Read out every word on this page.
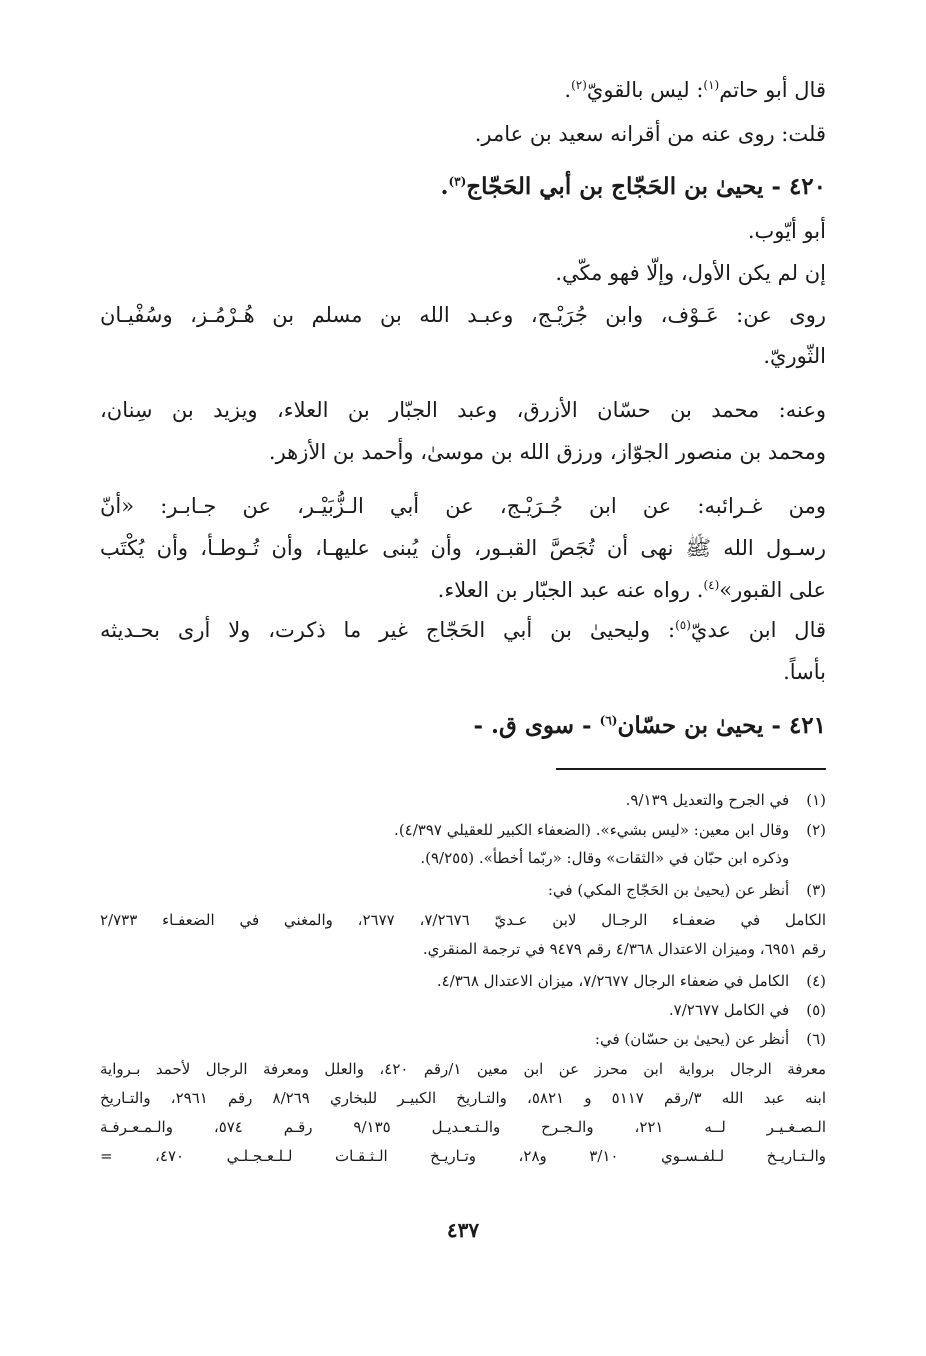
قال أبو حاتم$^{(١)}$: ليس بالقويّ$^{(٢)}$.
قلت: روى عنه من أقرانه سعيد بن عامر.
٤٢٠ - يحيىٰ بن الحَجّاج بن أبي الحَجّاج$^{(٣)}$.
أبو أيّوب.
إن لم يكن الأول، وإلّا فهو مكّي.
روى عن: عَـوْف، وابن جُرَيْـج، وعبـد الله بن مسلم بن هُـرْمُـز، وسُفْيـان
الثّوريّ.
وعنه: محمد بن حسّان الأزرق، وعبد الجبّار بن العلاء، ويزيد بن سِنان،
ومحمد بن منصور الجوّاز، ورزق الله بن موسىٰ، وأحمد بن الأزهر.
ومن غـرائبه: عن ابن جُـرَيْـج، عن أبي الـزُّبَيْـر، عن جـابـر: «أنّ
رسـول الله ﷺ نهى أن تُجَصَّ القبـور، وأن يُبنى عليهـا، وأن تُـوطـأ، وأن يُكْتَب
على القبور»$^{(٤)}$. رواه عنه عبد الجبّار بن العلاء.
قال ابن عديّ$^{(٥)}$: وليحيىٰ بن أبي الحَجّاج غير ما ذكرت، ولا أرى بحـديثه
بأساً.
٤٢١ - يحيىٰ بن حسّان$^{(٦)}$ - سوى ق. -
(١) في الجرح والتعديل ٩/١٣٩.
(٢) وقال ابن معين: «ليس بشيء». (الضعفاء الكبير للعقيلي ٤/٣٩٧).
وذكره ابن حبّان في «الثقات» وقال: «ربّما أخطأ». (٩/٢٥٥).
(٣) أنظر عن (يحيىٰ بن الحَجّاج المكي) في:
الكامل في ضعفـاء الرجـال لابن عـديّ ٧/٢٦٧٦، ٢٦٧٧، والمغني في الضعفـاء ٢/٧٣٣
رقم ٦٩٥١، وميزان الاعتدال ٤/٣٦٨ رقم ٩٤٧٩ في ترجمة المنقري.
(٤) الكامل في ضعفاء الرجال ٧/٢٦٧٧، ميزان الاعتدال ٤/٣٦٨.
(٥) في الكامل ٧/٢٦٧٧.
(٦) أنظر عن (يحيىٰ بن حسّان) في:
معرفة الرجال برواية ابن محرز عن ابن معين ١/رقم ٤٢٠، والعلل ومعرفة الرجال لأحمد بـرواية
ابنه عبد الله ٣/رقم ٥١١٧ و ٥٨٢١، والتـاريخ الكبيـر للبخاري ٨/٢٦٩ رقم ٢٩٦١، والتـاريخ
الـصـغـيـر لــه ٢٢١، والـجـرح والـتـعـديـل ٩/١٣٥ رقـم ٥٧٤، والـمـعـرفـة
والـتـاريـخ لـلفـسـوي ٣/١٠ و٢٨، وتـاريـخ الـثـقـات لـلـعـجـلـي ٤٧٠، =
٤٣٧
